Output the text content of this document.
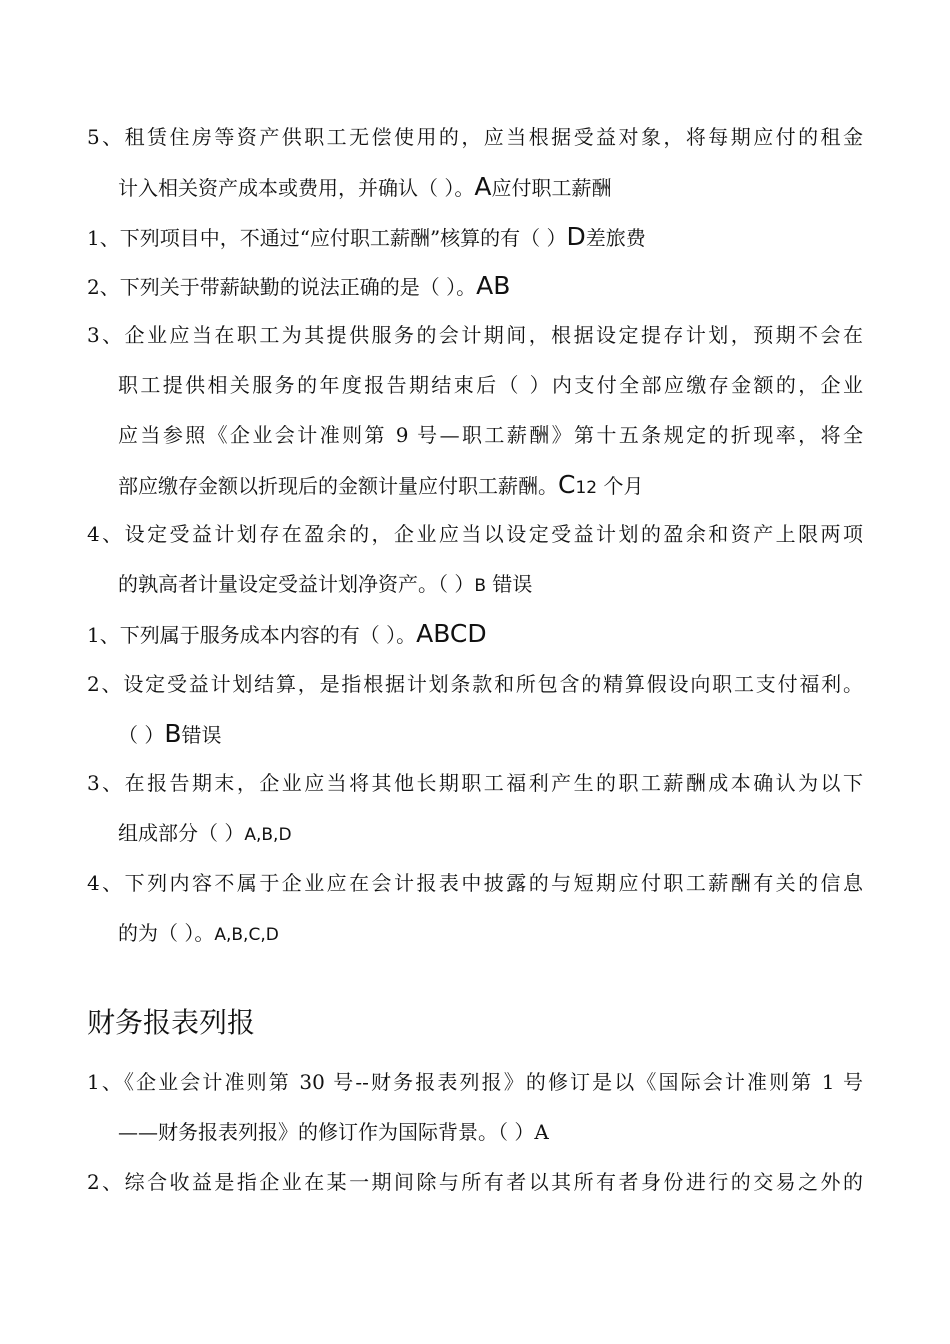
5、租赁住房等资产供职工无偿使用的，应当根据受益对象，将每期应付的租金
计入相关资产成本或费用，并确认（ ）。A应付职工薪酬
1、下列项目中，不通过“应付职工薪酬”核算的有（ ）D差旅费
2、下列关于带薪缺勤的说法正确的是（ ）。AB
3、企业应当在职工为其提供服务的会计期间，根据设定提存计划，预期不会在
职工提供相关服务的年度报告期结束后（ ）内支付全部应缴存金额的，企业
应当参照《企业会计准则第 9 号—职工薪酬》第十五条规定的折现率，将全
部应缴存金额以折现后的金额计量应付职工薪酬。C12 个月
4、设定受益计划存在盈余的，企业应当以设定受益计划的盈余和资产上限两项
的孰高者计量设定受益计划净资产。（ ）B 错误
1、下列属于服务成本内容的有（ ）。ABCD
2、设定受益计划结算，是指根据计划条款和所包含的精算假设向职工支付福利。
（ ）B错误
3、在报告期末，企业应当将其他长期职工福利产生的职工薪酬成本确认为以下
组成部分（ ）A,B,D
4、下列内容不属于企业应在会计报表中披露的与短期应付职工薪酬有关的信息
的为（ ）。A,B,C,D
财务报表列报
1、《企业会计准则第 30 号--财务报表列报》的修订是以《国际会计准则第 1 号
——财务报表列报》的修订作为国际背景。（ ）A
2、综合收益是指企业在某一期间除与所有者以其所有者身份进行的交易之外的
